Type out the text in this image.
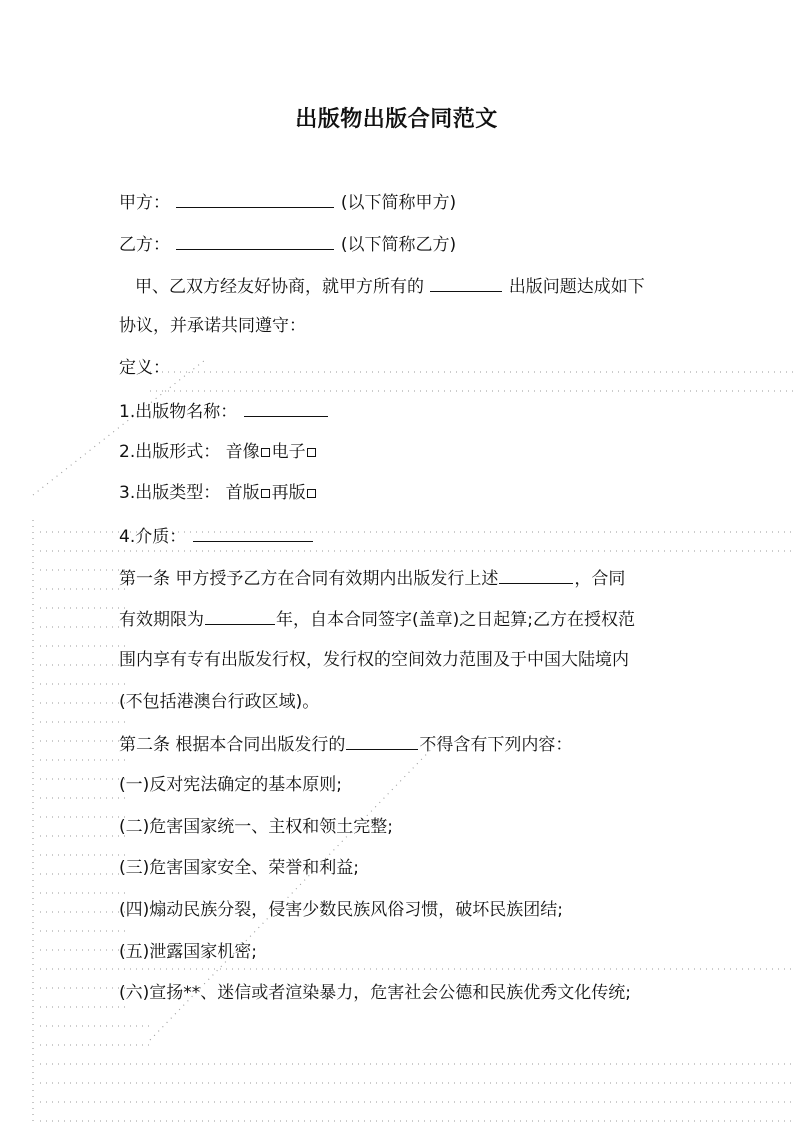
出版物出版合同范文
甲方：	(以下简称甲方)
乙方：	(以下简称乙方)
甲、乙双方经友好协商，就甲方所有的	出版问题达成如下
协议，并承诺共同遵守：
定义：
1.出版物名称：
2.出版形式： 音像 电子
3.出版类型： 首版 再版
4.介质：
第一条 甲方授予乙方在合同有效期内出版发行上述	，合同
有效期限为	年，自本合同签字(盖章)之日起算;乙方在授权范
围内享有专有出版发行权，发行权的空间效力范围及于中国大陆境内
(不包括港澳台行政区域)。
第二条 根据本合同出版发行的	不得含有下列内容：
(一)反对宪法确定的基本原则;
(二)危害国家统一、主权和领土完整;
(三)危害国家安全、荣誉和利益;
(四)煽动民族分裂，侵害少数民族风俗习惯，破坏民族团结;
(五)泄露国家机密;
(六)宣扬**、迷信或者渲染暴力，危害社会公德和民族优秀文化传统;
